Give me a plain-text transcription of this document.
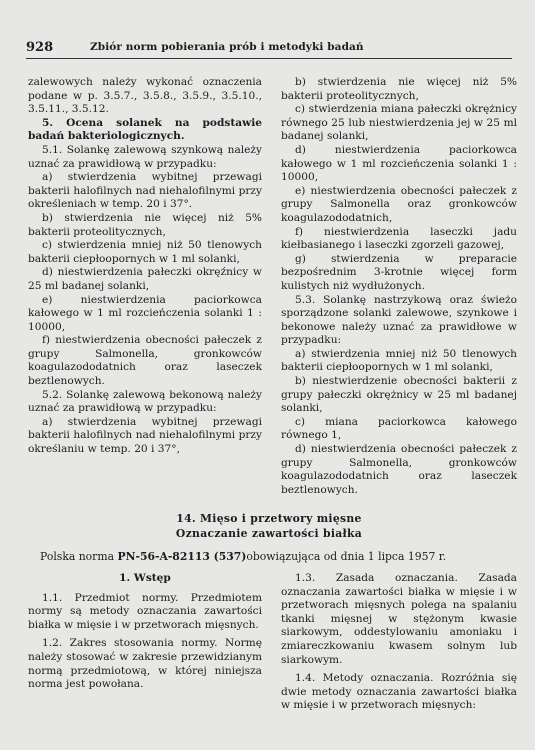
928	Zbiór norm pobierania prób i metodyki badań

zalewowych należy wykonać oznaczenia podane w p. 3.5.7., 3.5.8., 3.5.9., 3.5.10., 3.5.11., 3.5.12.

5. Ocena solanek na podstawie badań bakteriologicznych.

5.1. Solankę zalewową szynkową należy uznać za prawidłową w przypadku:

a) stwierdzenia wybitnej przewagi bakterii halofilnych nad niehalofilnymi przy określeniach w temp. 20 i 37°.

b) stwierdzenia nie więcej niż 5% bakterii proteolitycznych,

c) stwierdzenia mniej niż 50 tlenowych bakterii ciepłoopornych w 1 ml solanki,

d) niestwierdzenia pałeczki okręźnicy w 25 ml badanej solanki,

e) niestwierdzenia paciorkowca kałowego w 1 ml rozcieńczenia solanki 1 : 10000,

f) niestwierdzenia obecności pałeczek z grupy Salmonella, gronkowców koagulazododatnich oraz laseczek beztlenowych.

5.2. Solankę zalewową bekonową należy uznać za prawidłową w przypadku:

a) stwierdzenia wybitnej przewagi bakterii halofilnych nad niehalofilnymi przy określaniu w temp. 20 i 37°,

b) stwierdzenia nie więcej niż 5% bakterii proteolitycznych,

c) stwierdzenia miana pałeczki okrężnicy równego 25 lub niestwierdzenia jej w 25 ml badanej solanki,

d) niestwierdzenia paciorkowca kałowego w 1 ml rozcieńczenia solanki 1 : 10000,

e) niestwierdzenia obecności pałeczek z grupy Salmonella oraz gronkowców koagulazododatnich,

f) niestwierdzenia laseczki jadu kiełbasianego i laseczki zgorzeli gazowej,

g) stwierdzenia w preparacie bezpośrednim 3-krotnie więcej form kulistych niż wydłużonych.

5.3. Solankę nastrzykową oraz świeżo sporządzone solanki zalewowe, szynkowe i bekonowe należy uznać za prawidłowe w przypadku:

a) stwierdzenia mniej niż 50 tlenowych bakterii ciepłoopornych w 1 ml solanki,

b) niestwierdzenie obecności bakterii z grupy pałeczki okrężnicy w 25 ml badanej solanki,

c) miana paciorkowca kałowego równego 1,

d) niestwierdzenia obecności pałeczek z grupy Salmonella, gronkowców koagulazododatnich oraz laseczek beztlenowych.

14. Mięso i przetwory mięsne
Oznaczanie zawartości białka
Polska norma PN-56-A-82113 (537)obowiązująca od dnia 1 lipca 1957 r.

1. Wstęp

1.1. Przedmiot normy. Przedmiotem normy są metody oznaczania zawartości białka w mięsie i w przetworach mięsnych.

1.2. Zakres stosowania normy. Normę należy stosować w zakresie przewidzianym normą przedmiotową, w której niniejsza norma jest powołana.

1.3. Zasada oznaczania. Zasada oznaczania zawartości białka w mięsie i w przetworach mięsnych polega na spalaniu tkanki mięsnej w stężonym kwasie siarkowym, oddestylowaniu amoniaku i zmiareczkowaniu kwasem solnym lub siarkowym.

1.4. Metody oznaczania. Rozróżnia się dwie metody oznaczania zawartości białka w mięsie i w przetworach mięsnych:
